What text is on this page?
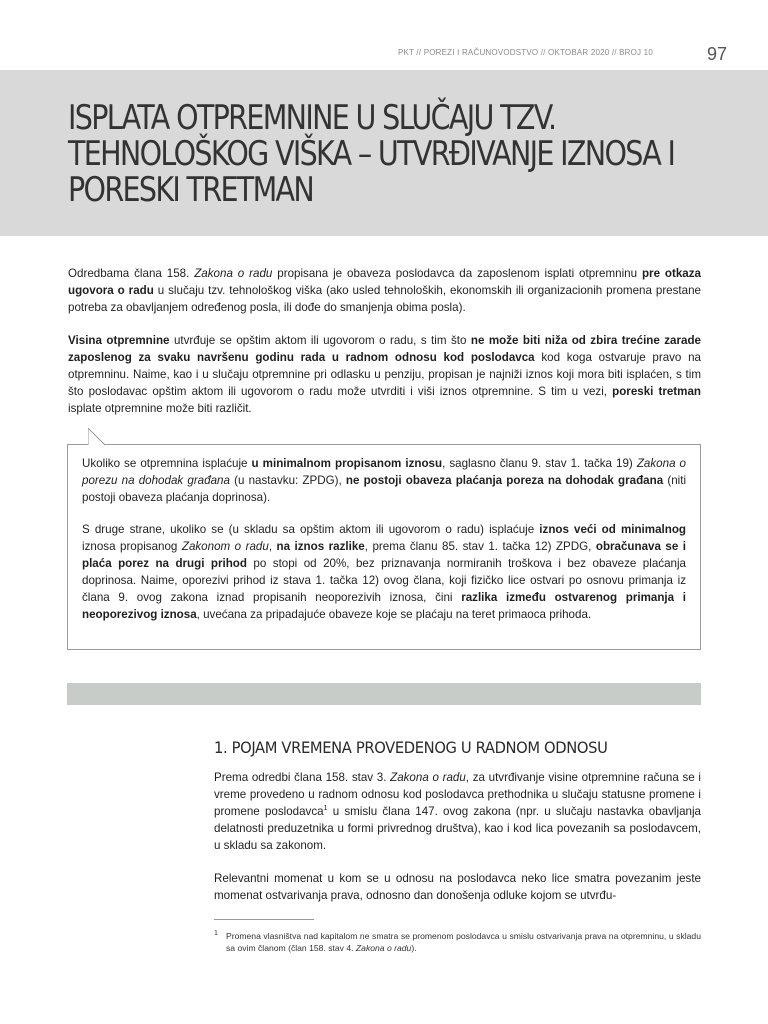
PKT // POREZI I RAČUNOVODSTVO // OKTOBAR 2020 // BROJ 10	97
ISPLATA OTPREMNINE U SLUČAJU TZV.
TEHNOLOŠKOG VIŠKA – UTVRĐIVANJE IZNOSA I
PORESKI TRETMAN

Odredbama člana 158. Zakona o radu propisana je obaveza poslodavca da zaposlenom isplati otpremninu pre otkaza ugovora o radu u slučaju tzv. tehnološkog viška (ako usled tehnoloških, ekonomskih ili organizacionih promena prestane potreba za obavljanjem određenog posla, ili dođe do smanjenja obima posla).

Visina otpremnine utvrđuje se opštim aktom ili ugovorom o radu, s tim što ne može biti niža od zbira trećine zarade zaposlenog za svaku navršenu godinu rada u radnom odnosu kod poslodavca kod koga ostvaruje pravo na otpremninu. Naime, kao i u slučaju otpremnine pri odlasku u penziju, propisan je najniži iznos koji mora biti isplaćen, s tim što poslodavac opštim aktom ili ugovorom o radu može utvrditi i viši iznos otpremnine. S tim u vezi, poreski tretman isplate otpremnine može biti različit.

Ukoliko se otpremnina isplaćuje u minimalnom propisanom iznosu, saglasno članu 9. stav 1. tačka 19) Zakona o porezu na dohodak građana (u nastavku: ZPDG), ne postoji obaveza plaćanja poreza na dohodak građana (niti postoji obaveza plaćanja doprinosa).

S druge strane, ukoliko se (u skladu sa opštim aktom ili ugovorom o radu) isplaćuje iznos veći od minimalnog iznosa propisanog Zakonom o radu, na iznos razlike, prema članu 85. stav 1. tačka 12) ZPDG, obračunava se i plaća porez na drugi prihod po stopi od 20%, bez priznavanja normiranih troškova i bez obaveze plaćanja doprinosa. Naime, oporezivi prihod iz stava 1. tačka 12) ovog člana, koji fizičko lice ostvari po osnovu primanja iz člana 9. ovog zakona iznad propisanih neoporezivih iznosa, čini razlika između ostvarenog primanja i neoporezivog iznosa, uvećana za pripadajuće obaveze koje se plaćaju na teret primaoca prihoda.

1. POJAM VREMENA PROVEDENOG U RADNOM ODNOSU

Prema odredbi člana 158. stav 3. Zakona o radu, za utvrđivanje visine otpremnine računa se i vreme provedeno u radnom odnosu kod poslodavca prethodnika u slučaju statusne promene i promene poslodavca$^1$ u smislu člana 147. ovog zakona (npr. u slučaju nastavka obavljanja delatnosti preduzetnika u formi privrednog društva), kao i kod lica povezanih sa poslodavcem, u skladu sa zakonom.

Relevantni momenat u kom se u odnosu na poslodavca neko lice smatra povezanim jeste momenat ostvarivanja prava, odnosno dan donošenja odluke kojom se utvrđu-

1 Promena vlasništva nad kapitalom ne smatra se promenom poslodavca u smislu ostvarivanja prava na otpremninu, u skladu sa ovim članom (član 158. stav 4. Zakona o radu).
